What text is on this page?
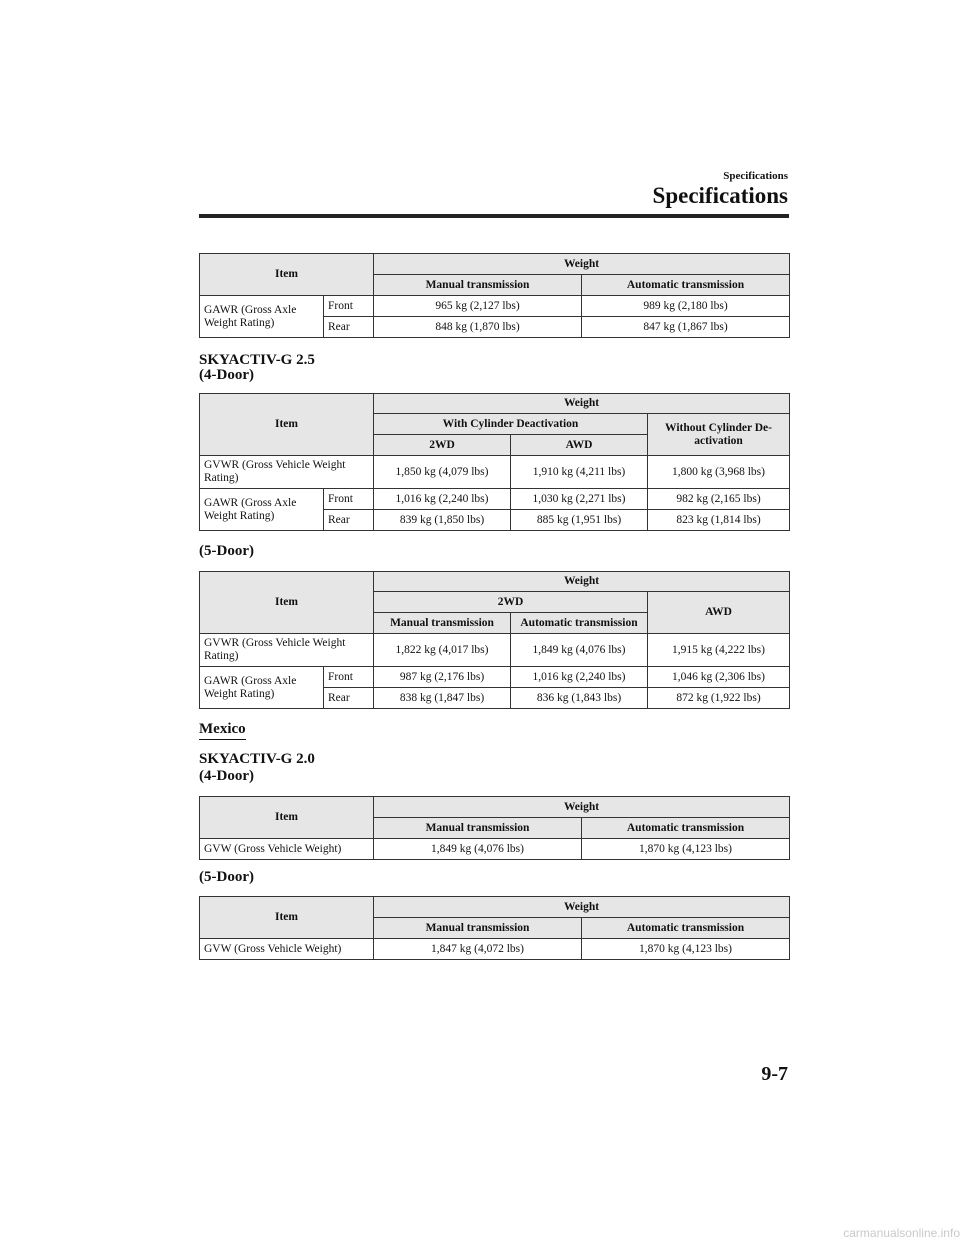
Specifications
Specifications
Item		Weight	
		Manual transmission	Automatic transmission
GAWR (Gross Axle Weight Rating)	Front	965 kg (2,127 lbs)	989 kg (2,180 lbs)
	Rear	848 kg (1,870 lbs)	847 kg (1,867 lbs)
SKYACTIV-G 2.5
(4-Door)
Item		Weight		
		With Cylinder Deactivation		Without Cylinder De-activation
		2WD	AWD	
GVWR (Gross Vehicle Weight Rating)		1,850 kg (4,079 lbs)	1,910 kg (4,211 lbs)	1,800 kg (3,968 lbs)
GAWR (Gross Axle Weight Rating)	Front	1,016 kg (2,240 lbs)	1,030 kg (2,271 lbs)	982 kg (2,165 lbs)
	Rear	839 kg (1,850 lbs)	885 kg (1,951 lbs)	823 kg (1,814 lbs)
(5-Door)
Item		Weight		
		2WD		AWD
		Manual transmission	Automatic transmission	
GVWR (Gross Vehicle Weight Rating)		1,822 kg (4,017 lbs)	1,849 kg (4,076 lbs)	1,915 kg (4,222 lbs)
GAWR (Gross Axle Weight Rating)	Front	987 kg (2,176 lbs)	1,016 kg (2,240 lbs)	1,046 kg (2,306 lbs)
	Rear	838 kg (1,847 lbs)	836 kg (1,843 lbs)	872 kg (1,922 lbs)
Mexico
SKYACTIV-G 2.0
(4-Door)
Item	Weight	
	Manual transmission	Automatic transmission
GVW (Gross Vehicle Weight)	1,849 kg (4,076 lbs)	1,870 kg (4,123 lbs)
(5-Door)
Item	Weight	
	Manual transmission	Automatic transmission
GVW (Gross Vehicle Weight)	1,847 kg (4,072 lbs)	1,870 kg (4,123 lbs)
9-7
carmanualsonline.info
